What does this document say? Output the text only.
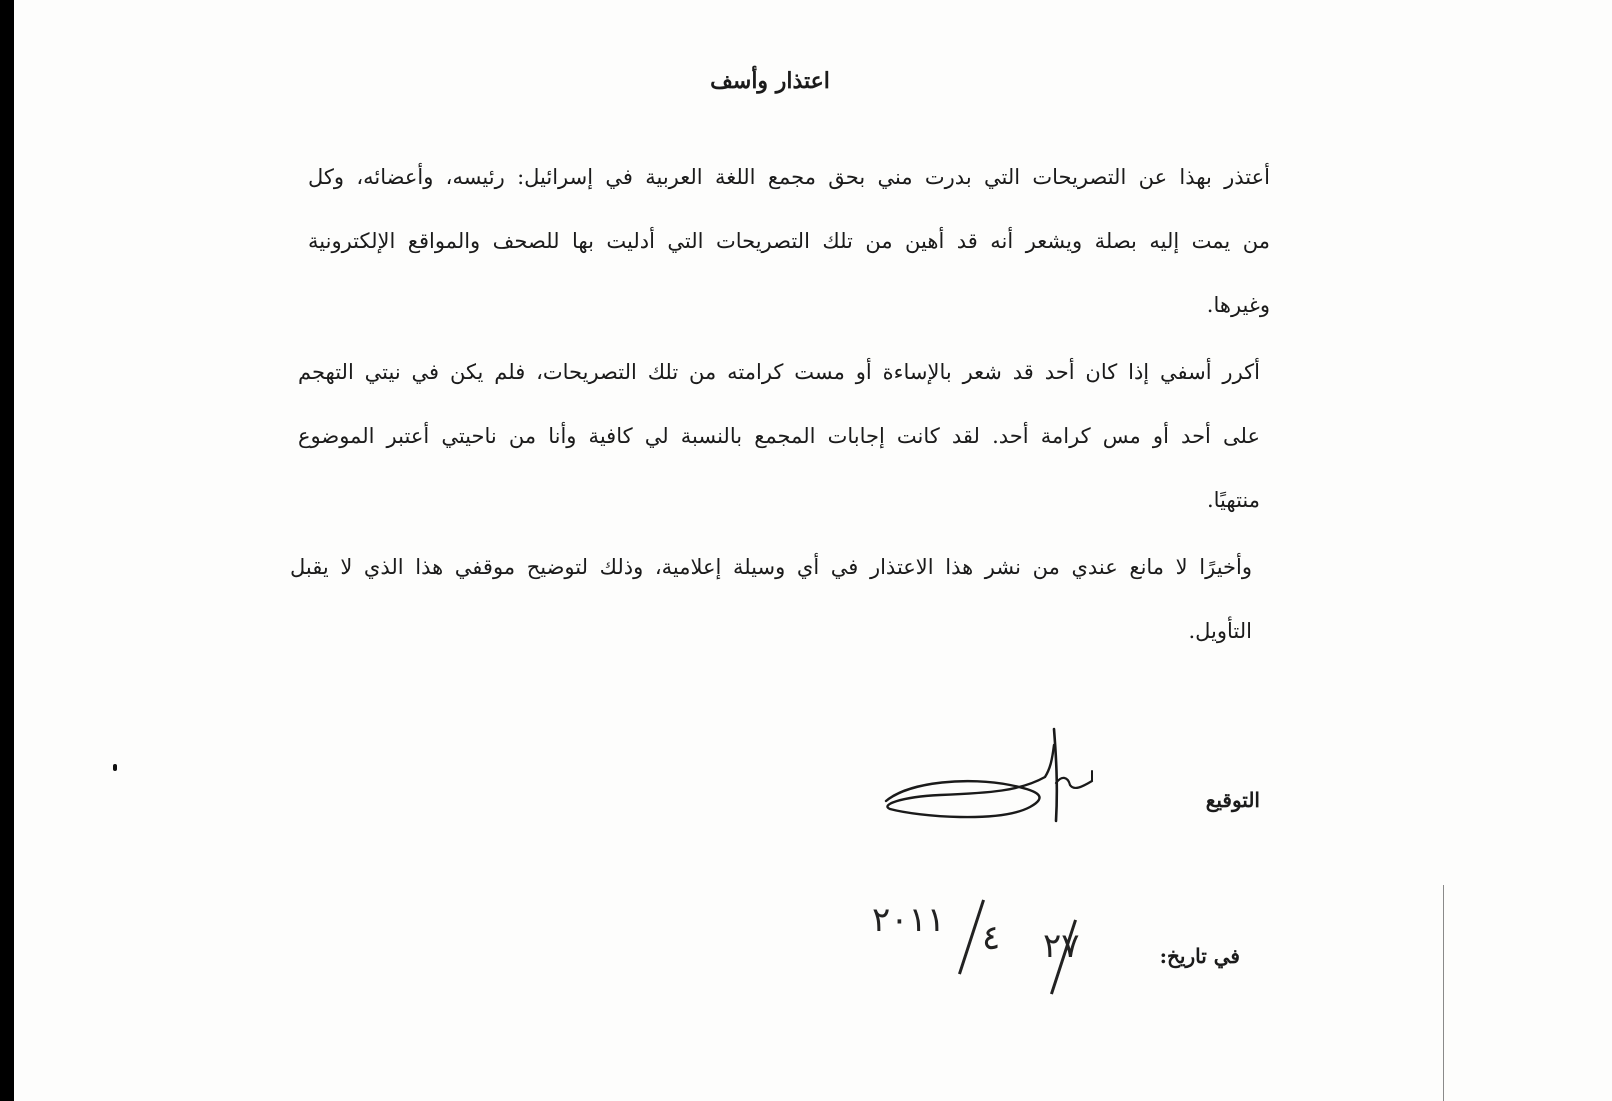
اعتذار وأسف
أعتذر بهذا عن التصريحات التي بدرت مني بحق مجمع اللغة العربية في إسرائيل: رئيسه، وأعضائه، وكل من يمت إليه بصلة ويشعر أنه قد أهين من تلك التصريحات التي أدليت بها للصحف والمواقع الإلكترونية وغيرها.
أكرر أسفي إذا كان أحد قد شعر بالإساءة أو مست كرامته من تلك التصريحات، فلم يكن في نيتي التهجم على أحد أو مس كرامة أحد. لقد كانت إجابات المجمع بالنسبة لي كافية وأنا من ناحيتي أعتبر الموضوع منتهيًا.
وأخيرًا لا مانع عندي من نشر هذا الاعتذار في أي وسيلة إعلامية، وذلك لتوضيح موقفي هذا الذي لا يقبل التأويل.
التوقيع
في تاريخ:
٢٧
٤
٢٠١١
